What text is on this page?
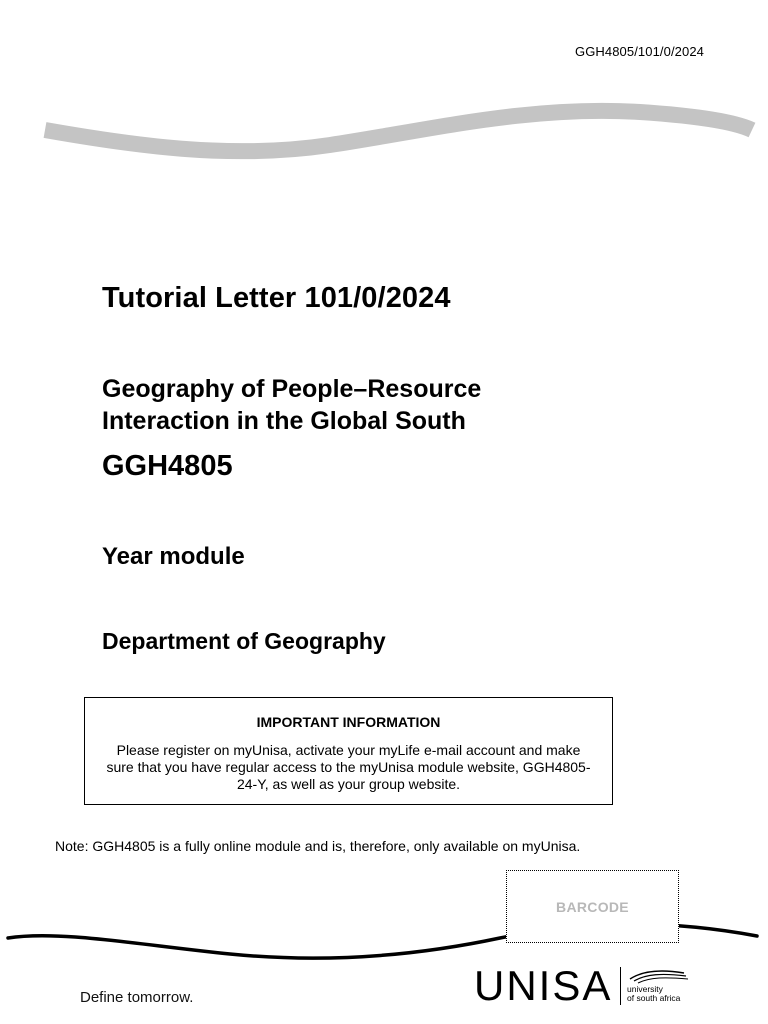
GGH4805/101/0/2024
Tutorial Letter 101/0/2024
Geography of People–Resource
Interaction in the Global South
GGH4805
Year module
Department of Geography
IMPORTANT INFORMATION
Please register on myUnisa, activate your myLife e-mail account and make sure that you have regular access to the myUnisa module website, GGH4805-24-Y, as well as your group website.
Note: GGH4805 is a fully online module and is, therefore, only available on myUnisa.
BARCODE
Define tomorrow.	UNISA university
of south africa
